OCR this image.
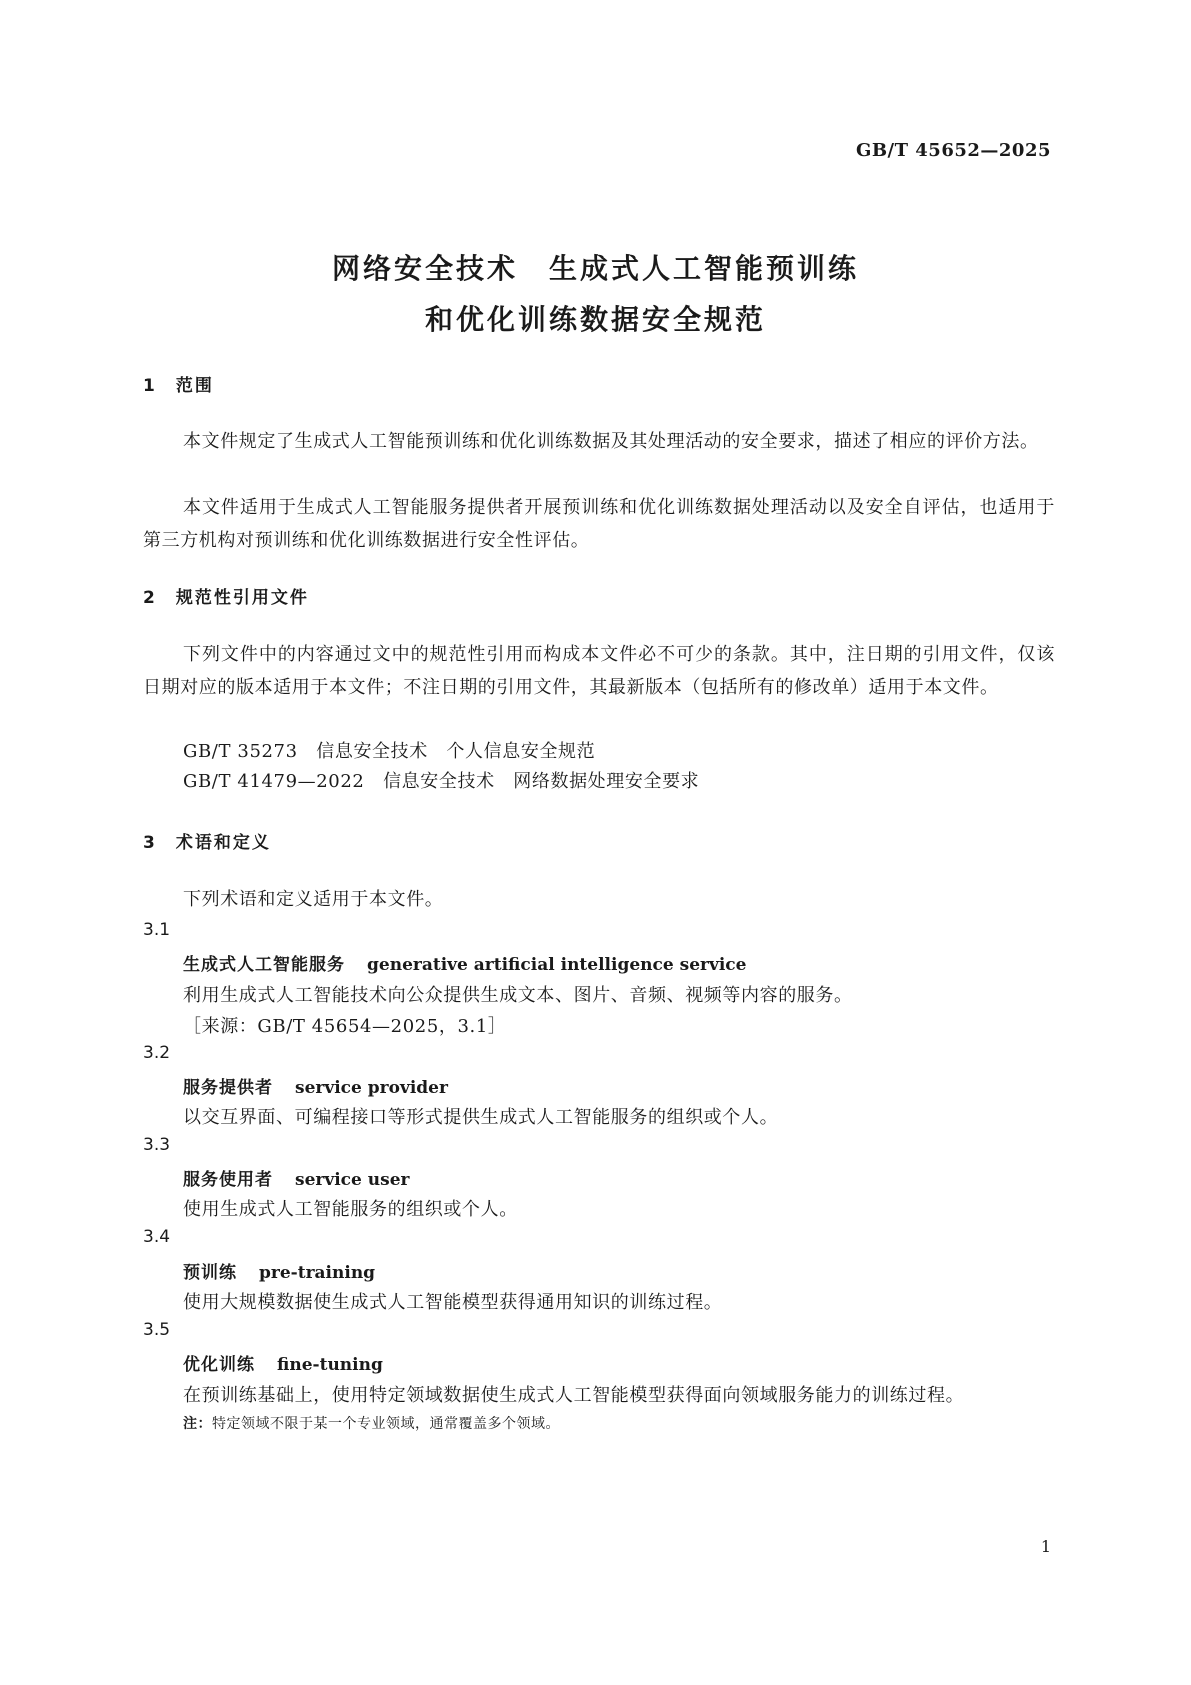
GB/T 45652—2025
网络安全技术　生成式人工智能预训练
和优化训练数据安全规范
1　范围
本文件规定了生成式人工智能预训练和优化训练数据及其处理活动的安全要求，描述了相应的评价方法。
本文件适用于生成式人工智能服务提供者开展预训练和优化训练数据处理活动以及安全自评估，也适用于第三方机构对预训练和优化训练数据进行安全性评估。
2　规范性引用文件
下列文件中的内容通过文中的规范性引用而构成本文件必不可少的条款。其中，注日期的引用文件，仅该日期对应的版本适用于本文件；不注日期的引用文件，其最新版本（包括所有的修改单）适用于本文件。
GB/T 35273　信息安全技术　个人信息安全规范
GB/T 41479—2022　信息安全技术　网络数据处理安全要求
3　术语和定义
下列术语和定义适用于本文件。
3.1
生成式人工智能服务 generative artificial intelligence service
利用生成式人工智能技术向公众提供生成文本、图片、音频、视频等内容的服务。
［来源：GB/T 45654—2025，3.1］
3.2
服务提供者 service provider
以交互界面、可编程接口等形式提供生成式人工智能服务的组织或个人。
3.3
服务使用者 service user
使用生成式人工智能服务的组织或个人。
3.4
预训练 pre-training
使用大规模数据使生成式人工智能模型获得通用知识的训练过程。
3.5
优化训练 fine-tuning
在预训练基础上，使用特定领域数据使生成式人工智能模型获得面向领域服务能力的训练过程。
注：特定领域不限于某一个专业领域，通常覆盖多个领域。
1
